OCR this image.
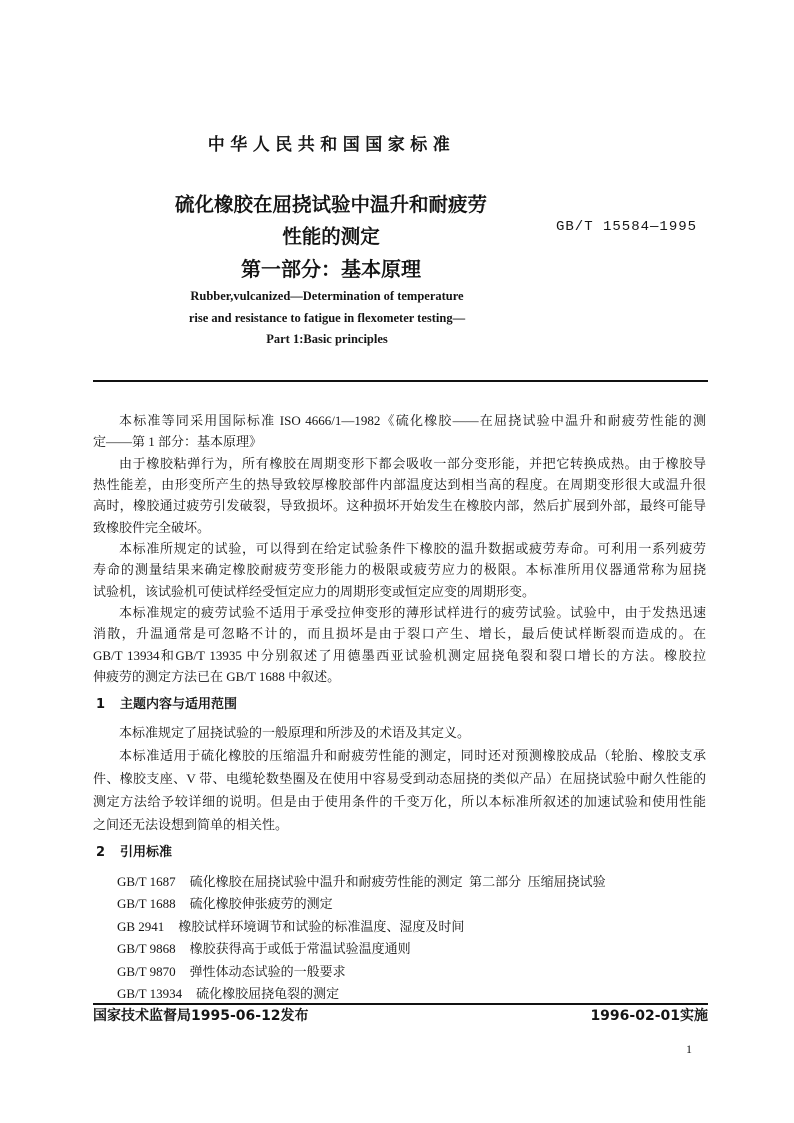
中华人民共和国国家标准
硫化橡胶在屈挠试验中温升和耐疲劳
性能的测定
第一部分：基本原理
GB/T 15584—1995
Rubber,vulcanized—Determination of temperature
rise and resistance to fatigue in flexometer testing—
Part 1:Basic principles
本标准等同采用国际标准 ISO 4666/1—1982《硫化橡胶——在屈挠试验中温升和耐疲劳性能的测
定——第 1 部分：基本原理》
由于橡胶粘弹行为，所有橡胶在周期变形下都会吸收一部分变形能，并把它转换成热。由于橡胶导
热性能差，由形变所产生的热导致较厚橡胶部件内部温度达到相当高的程度。在周期变形很大或温升很
高时，橡胶通过疲劳引发破裂，导致损坏。这种损坏开始发生在橡胶内部，然后扩展到外部，最终可能导
致橡胶件完全破坏。
本标准所规定的试验，可以得到在给定试验条件下橡胶的温升数据或疲劳寿命。可利用一系列疲劳
寿命的测量结果来确定橡胶耐疲劳变形能力的极限或疲劳应力的极限。本标准所用仪器通常称为屈挠
试验机，该试验机可使试样经受恒定应力的周期形变或恒定应变的周期形变。
本标准规定的疲劳试验不适用于承受拉伸变形的薄形试样进行的疲劳试验。试验中，由于发热迅速
消散，升温通常是可忽略不计的，而且损坏是由于裂口产生、增长，最后使试样断裂而造成的。在
GB/T 13934和GB/T 13935 中分别叙述了用德墨西亚试验机测定屈挠龟裂和裂口增长的方法。橡胶拉
伸疲劳的测定方法已在 GB/T 1688 中叙述。
1 主题内容与适用范围
本标准规定了屈挠试验的一般原理和所涉及的术语及其定义。
本标准适用于硫化橡胶的压缩温升和耐疲劳性能的测定，同时还对预测橡胶成品（轮胎、橡胶支承
件、橡胶支座、V 带、电缆轮数垫圈及在使用中容易受到动态屈挠的类似产品）在屈挠试验中耐久性能的
测定方法给予较详细的说明。但是由于使用条件的千变万化，所以本标准所叙述的加速试验和使用性能
之间还无法设想到简单的相关性。
2 引用标准
GB/T 1687 硫化橡胶在屈挠试验中温升和耐疲劳性能的测定  第二部分  压缩屈挠试验
GB/T 1688 硫化橡胶伸张疲劳的测定
GB 2941 橡胶试样环境调节和试验的标准温度、湿度及时间
GB/T 9868 橡胶获得高于或低于常温试验温度通则
GB/T 9870 弹性体动态试验的一般要求
GB/T 13934 硫化橡胶屈挠龟裂的测定
国家技术监督局1995-06-12发布	1996-02-01实施
1
